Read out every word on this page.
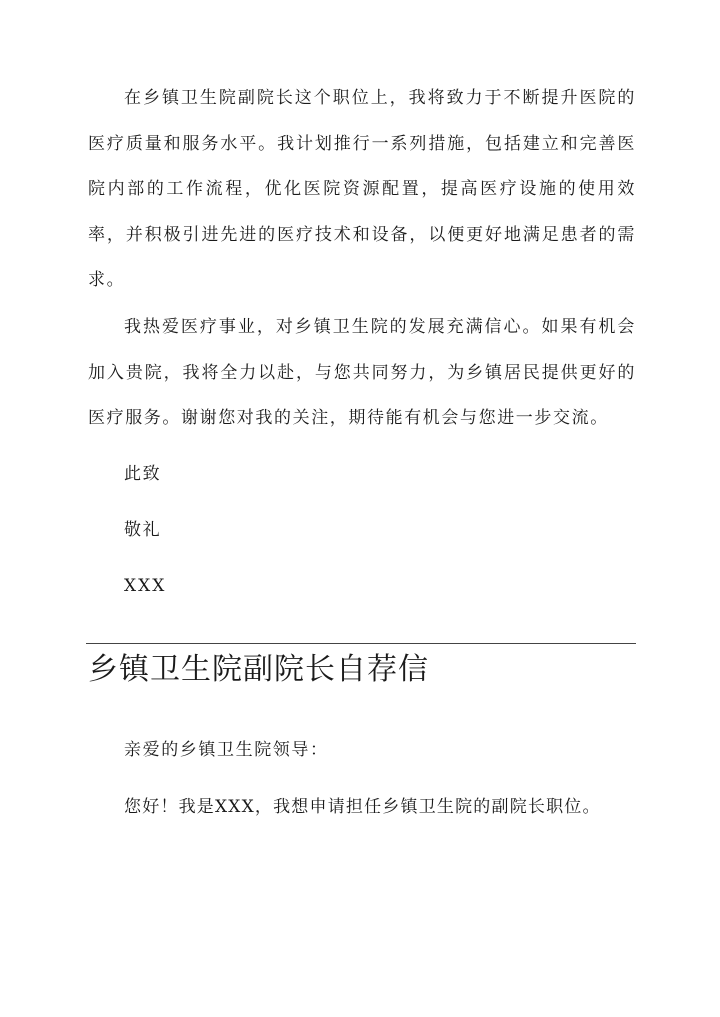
在乡镇卫生院副院长这个职位上，我将致力于不断提升医院的医疗质量和服务水平。我计划推行一系列措施，包括建立和完善医院内部的工作流程，优化医院资源配置，提高医疗设施的使用效率，并积极引进先进的医疗技术和设备，以便更好地满足患者的需求。

我热爱医疗事业，对乡镇卫生院的发展充满信心。如果有机会加入贵院，我将全力以赴，与您共同努力，为乡镇居民提供更好的医疗服务。谢谢您对我的关注，期待能有机会与您进一步交流。

此致

敬礼

XXX

乡镇卫生院副院长自荐信

亲爱的乡镇卫生院领导：

您好！我是XXX，我想申请担任乡镇卫生院的副院长职位。
